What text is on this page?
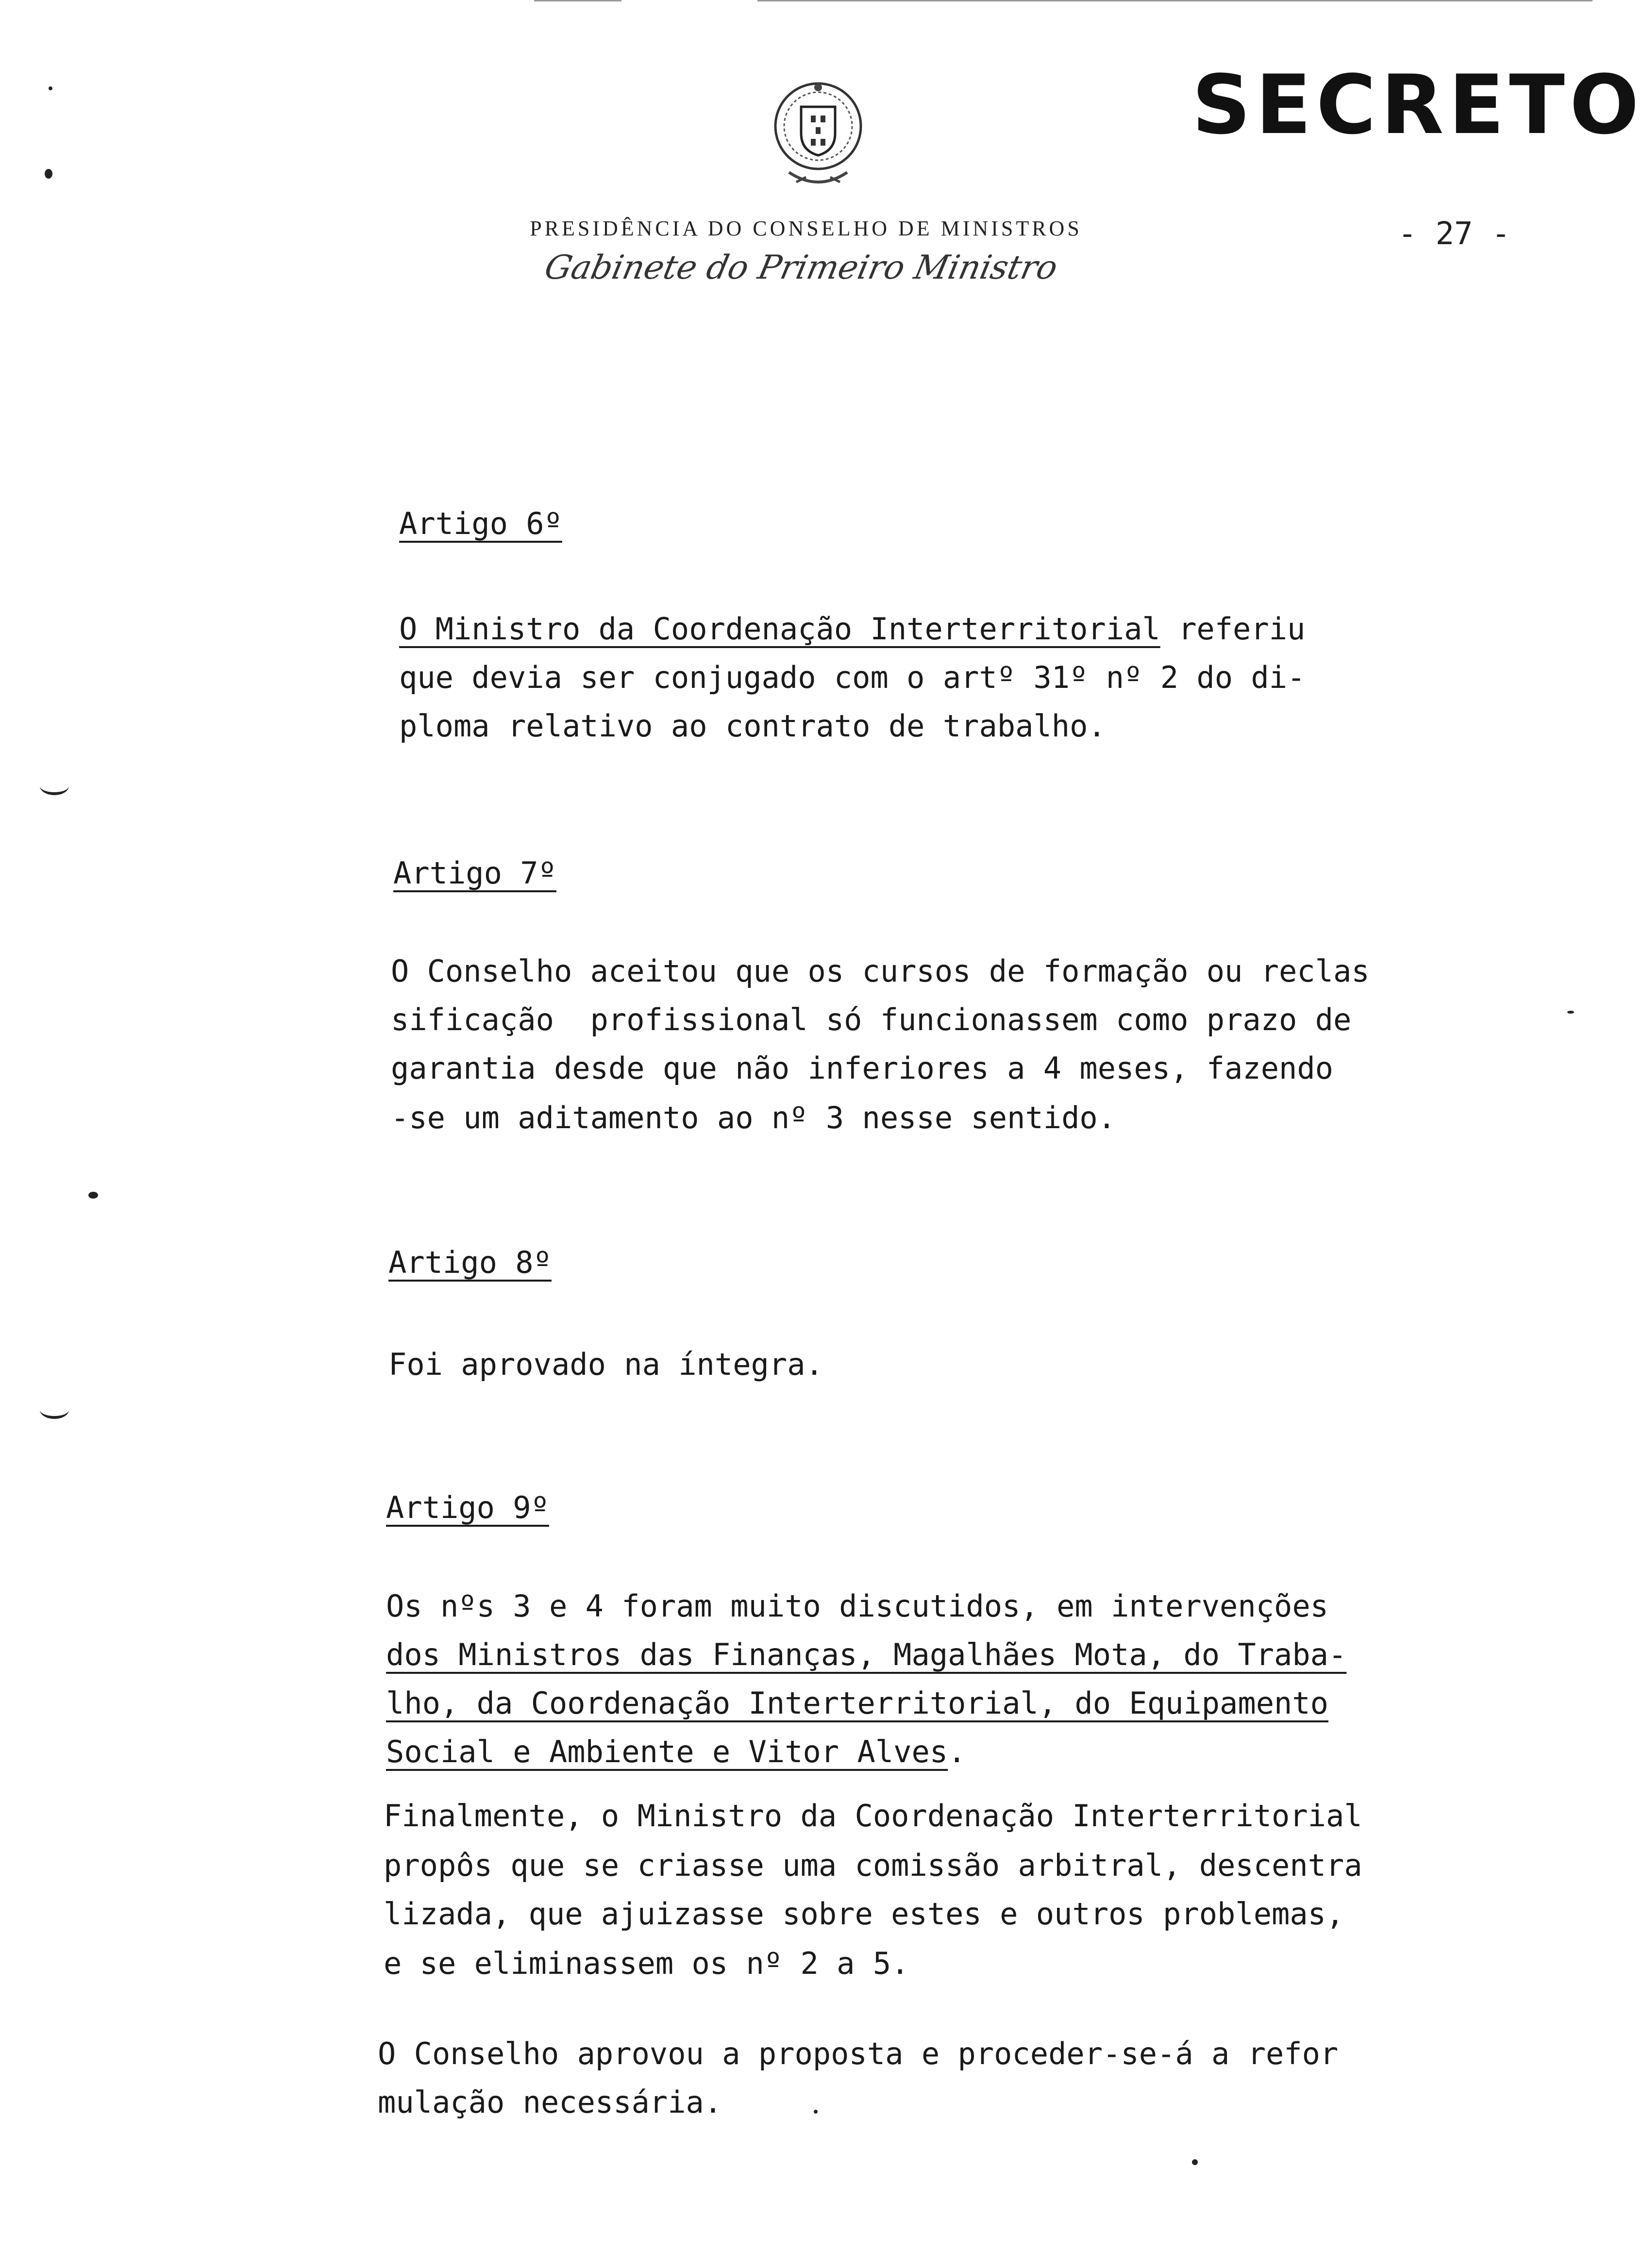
SECRETO
PRESIDÊNCIA DO CONSELHO DE MINISTROS
Gabinete do Primeiro Ministro
- 27 -
Artigo 6º
O Ministro da Coordenação Interterritorial referiu
que devia ser conjugado com o artº 31º nº 2 do di-
ploma relativo ao contrato de trabalho.
Artigo 7º
O Conselho aceitou que os cursos de formação ou reclas
sificação  profissional só funcionassem como prazo de
garantia desde que não inferiores a 4 meses, fazendo
-se um aditamento ao nº 3 nesse sentido.
Artigo 8º
Foi aprovado na íntegra.
Artigo 9º
Os nºs 3 e 4 foram muito discutidos, em intervenções
dos Ministros das Finanças, Magalhães Mota, do Traba-
lho, da Coordenação Interterritorial, do Equipamento
Social e Ambiente e Vitor Alves.
Finalmente, o Ministro da Coordenação Interterritorial
propôs que se criasse uma comissão arbitral, descentra
lizada, que ajuizasse sobre estes e outros problemas,
e se eliminassem os nº 2 a 5.
O Conselho aprovou a proposta e proceder-se-á a refor
mulação necessária.
